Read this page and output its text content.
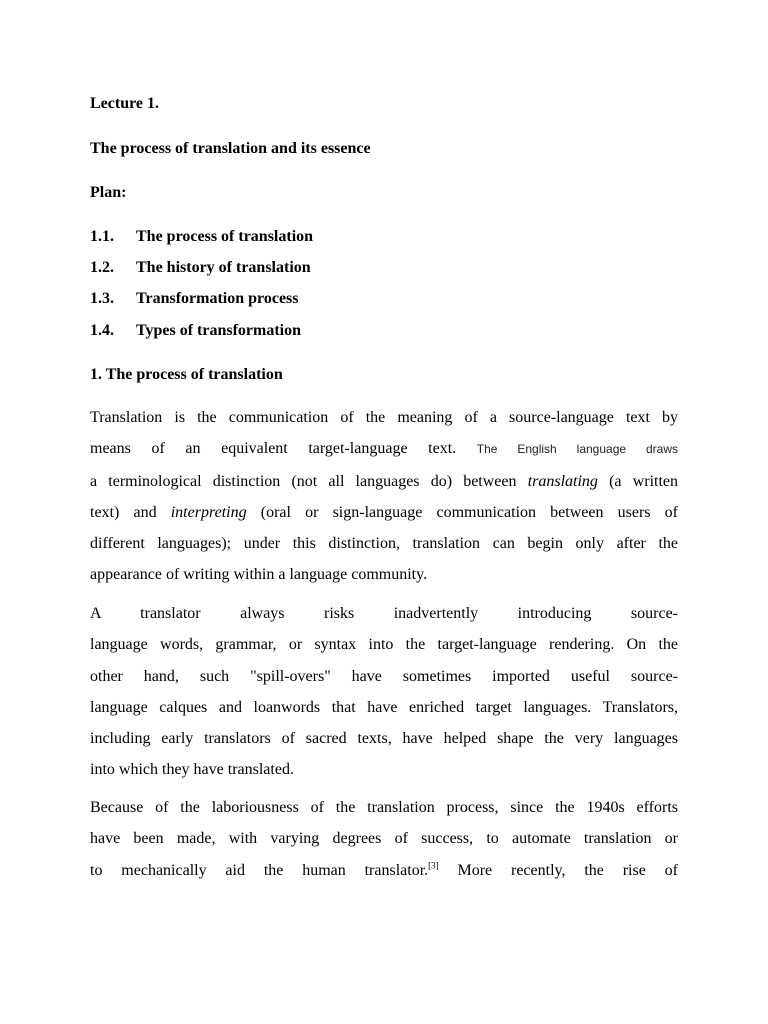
Lecture 1.
The process of translation and its essence
Plan:
1.1. The process of translation
1.2. The history of translation
1.3. Transformation process
1.4. Types of transformation
1. The process of translation
Translation is the communication of the meaning of a source-language text by
means of an equivalent target-language text. The English language draws
a terminological distinction (not all languages do) between translating (a written
text) and interpreting (oral or sign-language communication between users of
different languages); under this distinction, translation can begin only after the
appearance of writing within a language community.
A translator always risks inadvertently introducing source-
language words, grammar, or syntax into the target-language rendering. On the
other hand, such "spill-overs" have sometimes imported useful source-
language calques and loanwords that have enriched target languages. Translators,
including early translators of sacred texts, have helped shape the very languages
into which they have translated.
Because of the laboriousness of the translation process, since the 1940s efforts
have been made, with varying degrees of success, to automate translation or
to mechanically aid the human translator.[3] More recently, the rise of
